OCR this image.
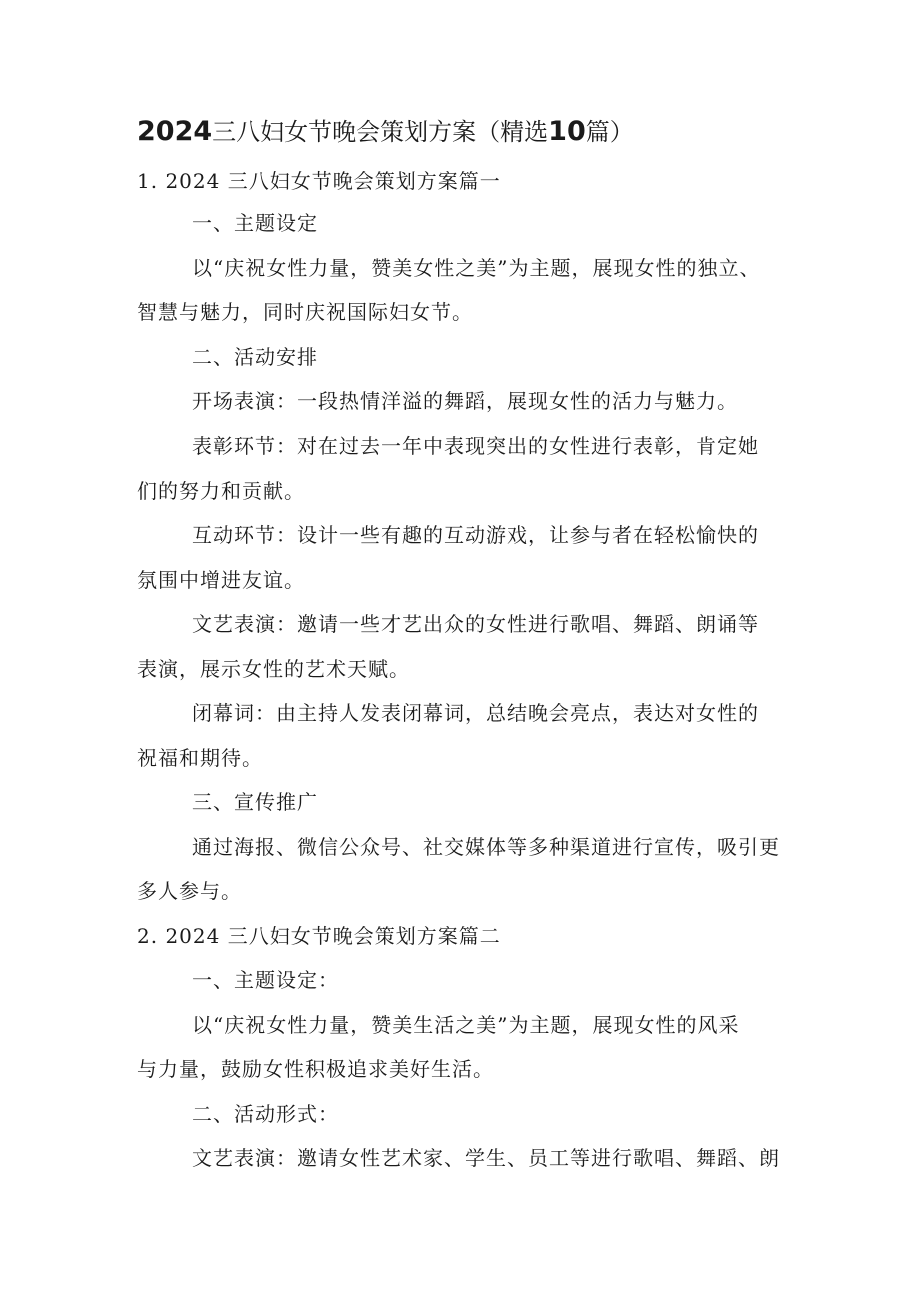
2024三八妇女节晚会策划方案（精选10篇）
1. 2024 三八妇女节晚会策划方案篇一
一、主题设定
以“庆祝女性力量，赞美女性之美”为主题，展现女性的独立、
智慧与魅力，同时庆祝国际妇女节。
二、活动安排
开场表演：一段热情洋溢的舞蹈，展现女性的活力与魅力。
表彰环节：对在过去一年中表现突出的女性进行表彰，肯定她
们的努力和贡献。
互动环节：设计一些有趣的互动游戏，让参与者在轻松愉快的
氛围中增进友谊。
文艺表演：邀请一些才艺出众的女性进行歌唱、舞蹈、朗诵等
表演，展示女性的艺术天赋。
闭幕词：由主持人发表闭幕词，总结晚会亮点，表达对女性的
祝福和期待。
三、宣传推广
通过海报、微信公众号、社交媒体等多种渠道进行宣传，吸引更
多人参与。
2. 2024 三八妇女节晚会策划方案篇二
一、主题设定：
以“庆祝女性力量，赞美生活之美”为主题，展现女性的风采
与力量，鼓励女性积极追求美好生活。
二、活动形式：
文艺表演：邀请女性艺术家、学生、员工等进行歌唱、舞蹈、朗
